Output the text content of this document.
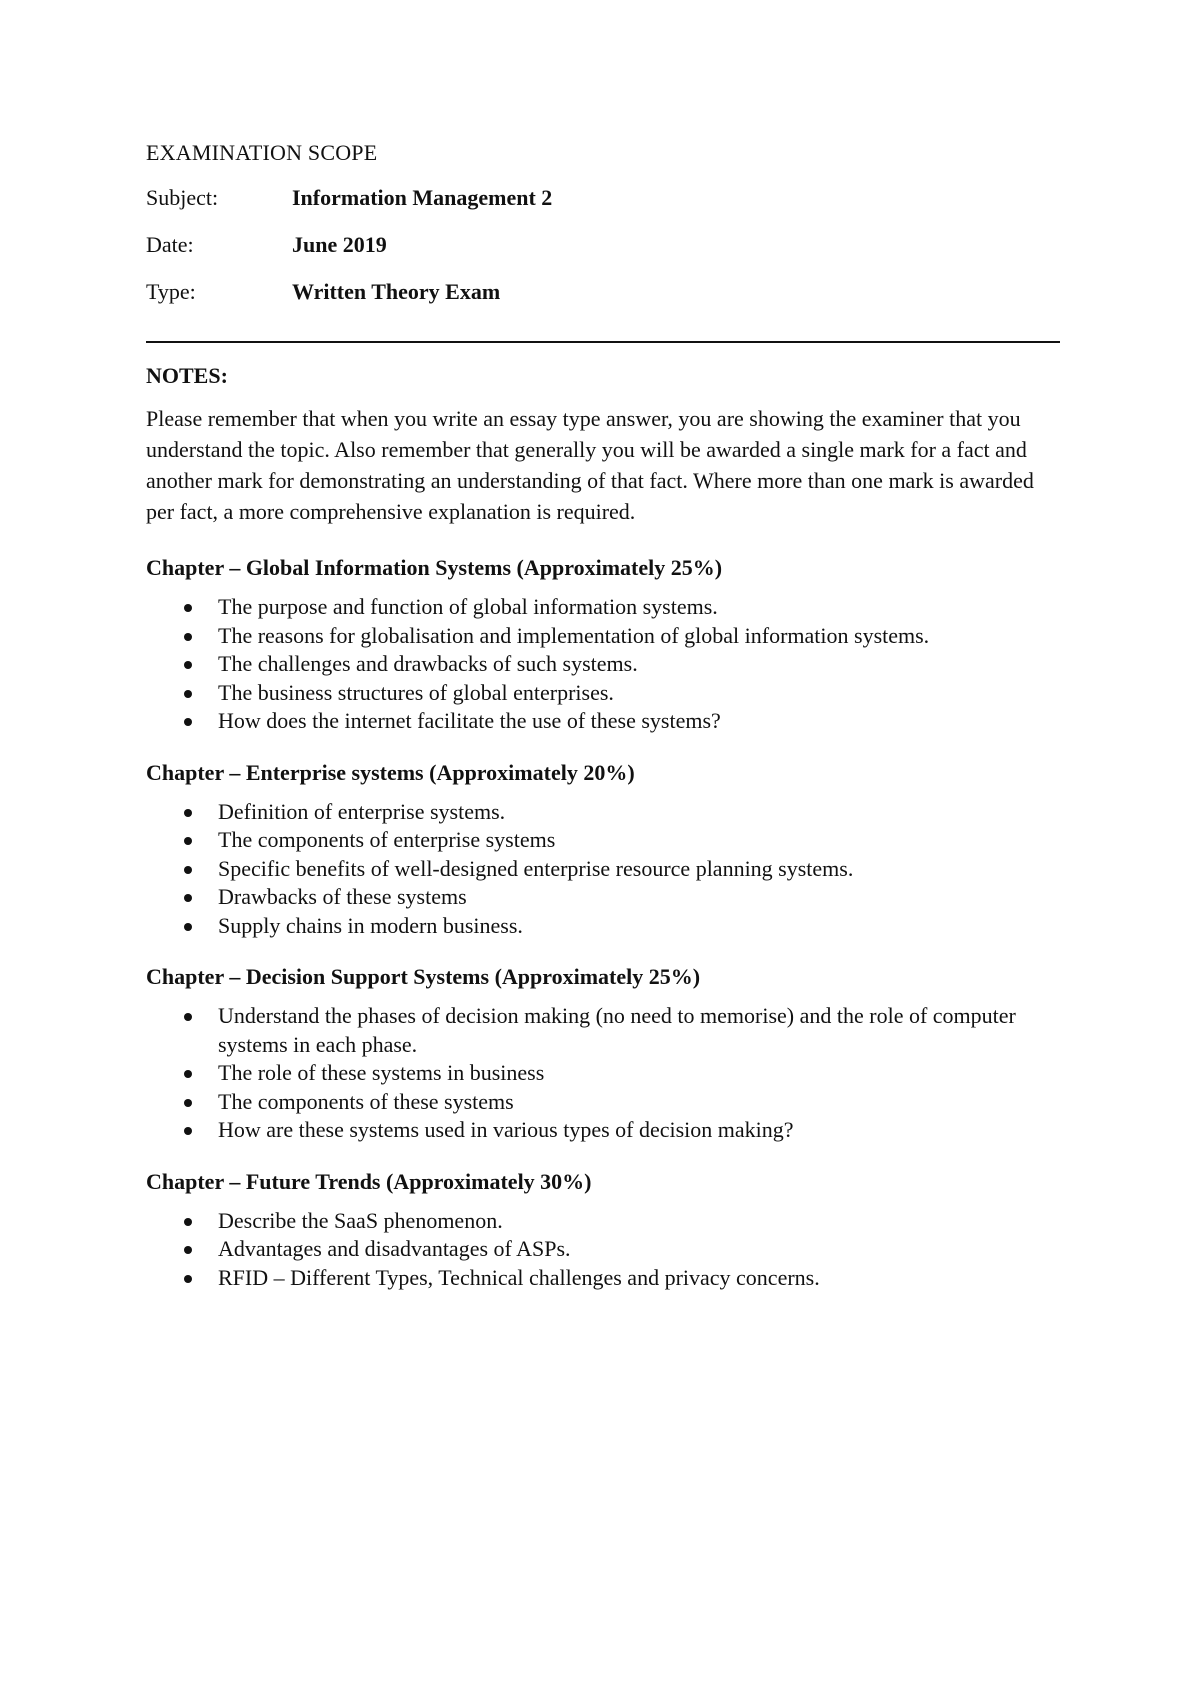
EXAMINATION SCOPE
Subject:	Information Management 2
Date:	June 2019
Type:	Written Theory Exam
NOTES:

Please remember that when you write an essay type answer, you are showing the examiner that you understand the topic. Also remember that generally you will be awarded a single mark for a fact and another mark for demonstrating an understanding of that fact. Where more than one mark is awarded per fact, a more comprehensive explanation is required.

Chapter – Global Information Systems (Approximately 25%)
The purpose and function of global information systems.
The reasons for globalisation and implementation of global information systems.
The challenges and drawbacks of such systems.
The business structures of global enterprises.
How does the internet facilitate the use of these systems?
Chapter – Enterprise systems (Approximately 20%)
Definition of enterprise systems.
The components of enterprise systems
Specific benefits of well-designed enterprise resource planning systems.
Drawbacks of these systems
Supply chains in modern business.
Chapter – Decision Support Systems (Approximately 25%)
Understand the phases of decision making (no need to memorise) and the role of computer systems in each phase.
The role of these systems in business
The components of these systems
How are these systems used in various types of decision making?
Chapter – Future Trends (Approximately 30%)
Describe the SaaS phenomenon.
Advantages and disadvantages of ASPs.
RFID – Different Types, Technical challenges and privacy concerns.
